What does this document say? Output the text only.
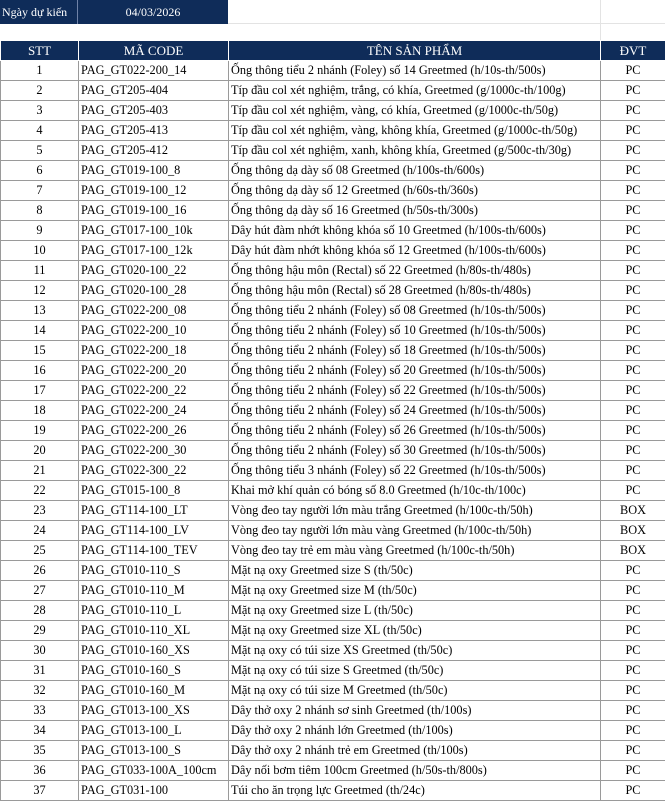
Ngày dự kiến	04/03/2026
STT	MÃ CODE	TÊN SẢN PHẨM	ĐVT
1	PAG_GT022-200_14	Ống thông tiểu 2 nhánh (Foley) số 14 Greetmed (h/10s-th/500s)	PC
2	PAG_GT205-404	Típ đầu col xét nghiệm, trắng, có khía, Greetmed (g/1000c-th/100g)	PC
3	PAG_GT205-403	Típ đầu col xét nghiệm, vàng, có khía, Greetmed (g/1000c-th/50g)	PC
4	PAG_GT205-413	Típ đầu col xét nghiệm, vàng, không khía, Greetmed (g/1000c-th/50g)	PC
5	PAG_GT205-412	Típ đầu col xét nghiệm, xanh, không khía, Greetmed (g/500c-th/30g)	PC
6	PAG_GT019-100_8	Ống thông dạ dày số 08 Greetmed (h/100s-th/600s)	PC
7	PAG_GT019-100_12	Ống thông dạ dày số 12 Greetmed (h/60s-th/360s)	PC
8	PAG_GT019-100_16	Ống thông dạ dày số 16 Greetmed (h/50s-th/300s)	PC
9	PAG_GT017-100_10k	Dây hút đàm nhớt không khóa số 10 Greetmed (h/100s-th/600s)	PC
10	PAG_GT017-100_12k	Dây hút đàm nhớt không khóa số 12 Greetmed (h/100s-th/600s)	PC
11	PAG_GT020-100_22	Ống thông hậu môn (Rectal) số 22 Greetmed (h/80s-th/480s)	PC
12	PAG_GT020-100_28	Ống thông hậu môn (Rectal) số 28 Greetmed (h/80s-th/480s)	PC
13	PAG_GT022-200_08	Ống thông tiểu 2 nhánh (Foley) số 08 Greetmed (h/10s-th/500s)	PC
14	PAG_GT022-200_10	Ống thông tiểu 2 nhánh (Foley) số 10 Greetmed (h/10s-th/500s)	PC
15	PAG_GT022-200_18	Ống thông tiểu 2 nhánh (Foley) số 18 Greetmed (h/10s-th/500s)	PC
16	PAG_GT022-200_20	Ống thông tiểu 2 nhánh (Foley) số 20 Greetmed (h/10s-th/500s)	PC
17	PAG_GT022-200_22	Ống thông tiểu 2 nhánh (Foley) số 22 Greetmed (h/10s-th/500s)	PC
18	PAG_GT022-200_24	Ống thông tiểu 2 nhánh (Foley) số 24 Greetmed (h/10s-th/500s)	PC
19	PAG_GT022-200_26	Ống thông tiểu 2 nhánh (Foley) số 26 Greetmed (h/10s-th/500s)	PC
20	PAG_GT022-200_30	Ống thông tiểu 2 nhánh (Foley) số 30 Greetmed (h/10s-th/500s)	PC
21	PAG_GT022-300_22	Ống thông tiểu 3 nhánh (Foley) số 22 Greetmed (h/10s-th/500s)	PC
22	PAG_GT015-100_8	Khai mở khí quản có bóng số 8.0 Greetmed (h/10c-th/100c)	PC
23	PAG_GT114-100_LT	Vòng đeo tay người lớn màu trắng Greetmed (h/100c-th/50h)	BOX
24	PAG_GT114-100_LV	Vòng đeo tay người lớn màu vàng Greetmed (h/100c-th/50h)	BOX
25	PAG_GT114-100_TEV	Vòng đeo tay trẻ em màu vàng Greetmed (h/100c-th/50h)	BOX
26	PAG_GT010-110_S	Mặt nạ oxy Greetmed size S (th/50c)	PC
27	PAG_GT010-110_M	Mặt nạ oxy Greetmed size M (th/50c)	PC
28	PAG_GT010-110_L	Mặt nạ oxy Greetmed size L (th/50c)	PC
29	PAG_GT010-110_XL	Mặt nạ oxy Greetmed size XL (th/50c)	PC
30	PAG_GT010-160_XS	Mặt nạ oxy có túi size XS Greetmed (th/50c)	PC
31	PAG_GT010-160_S	Mặt nạ oxy có túi size S Greetmed (th/50c)	PC
32	PAG_GT010-160_M	Mặt nạ oxy có túi size M Greetmed (th/50c)	PC
33	PAG_GT013-100_XS	Dây thở oxy 2 nhánh sơ sinh Greetmed (th/100s)	PC
34	PAG_GT013-100_L	Dây thở oxy 2 nhánh lớn Greetmed (th/100s)	PC
35	PAG_GT013-100_S	Dây thở oxy 2 nhánh trẻ em Greetmed (th/100s)	PC
36	PAG_GT033-100A_100cm	Dây nối bơm tiêm 100cm Greetmed (h/50s-th/800s)	PC
37	PAG_GT031-100	Túi cho ăn trọng lực Greetmed (th/24c)	PC
